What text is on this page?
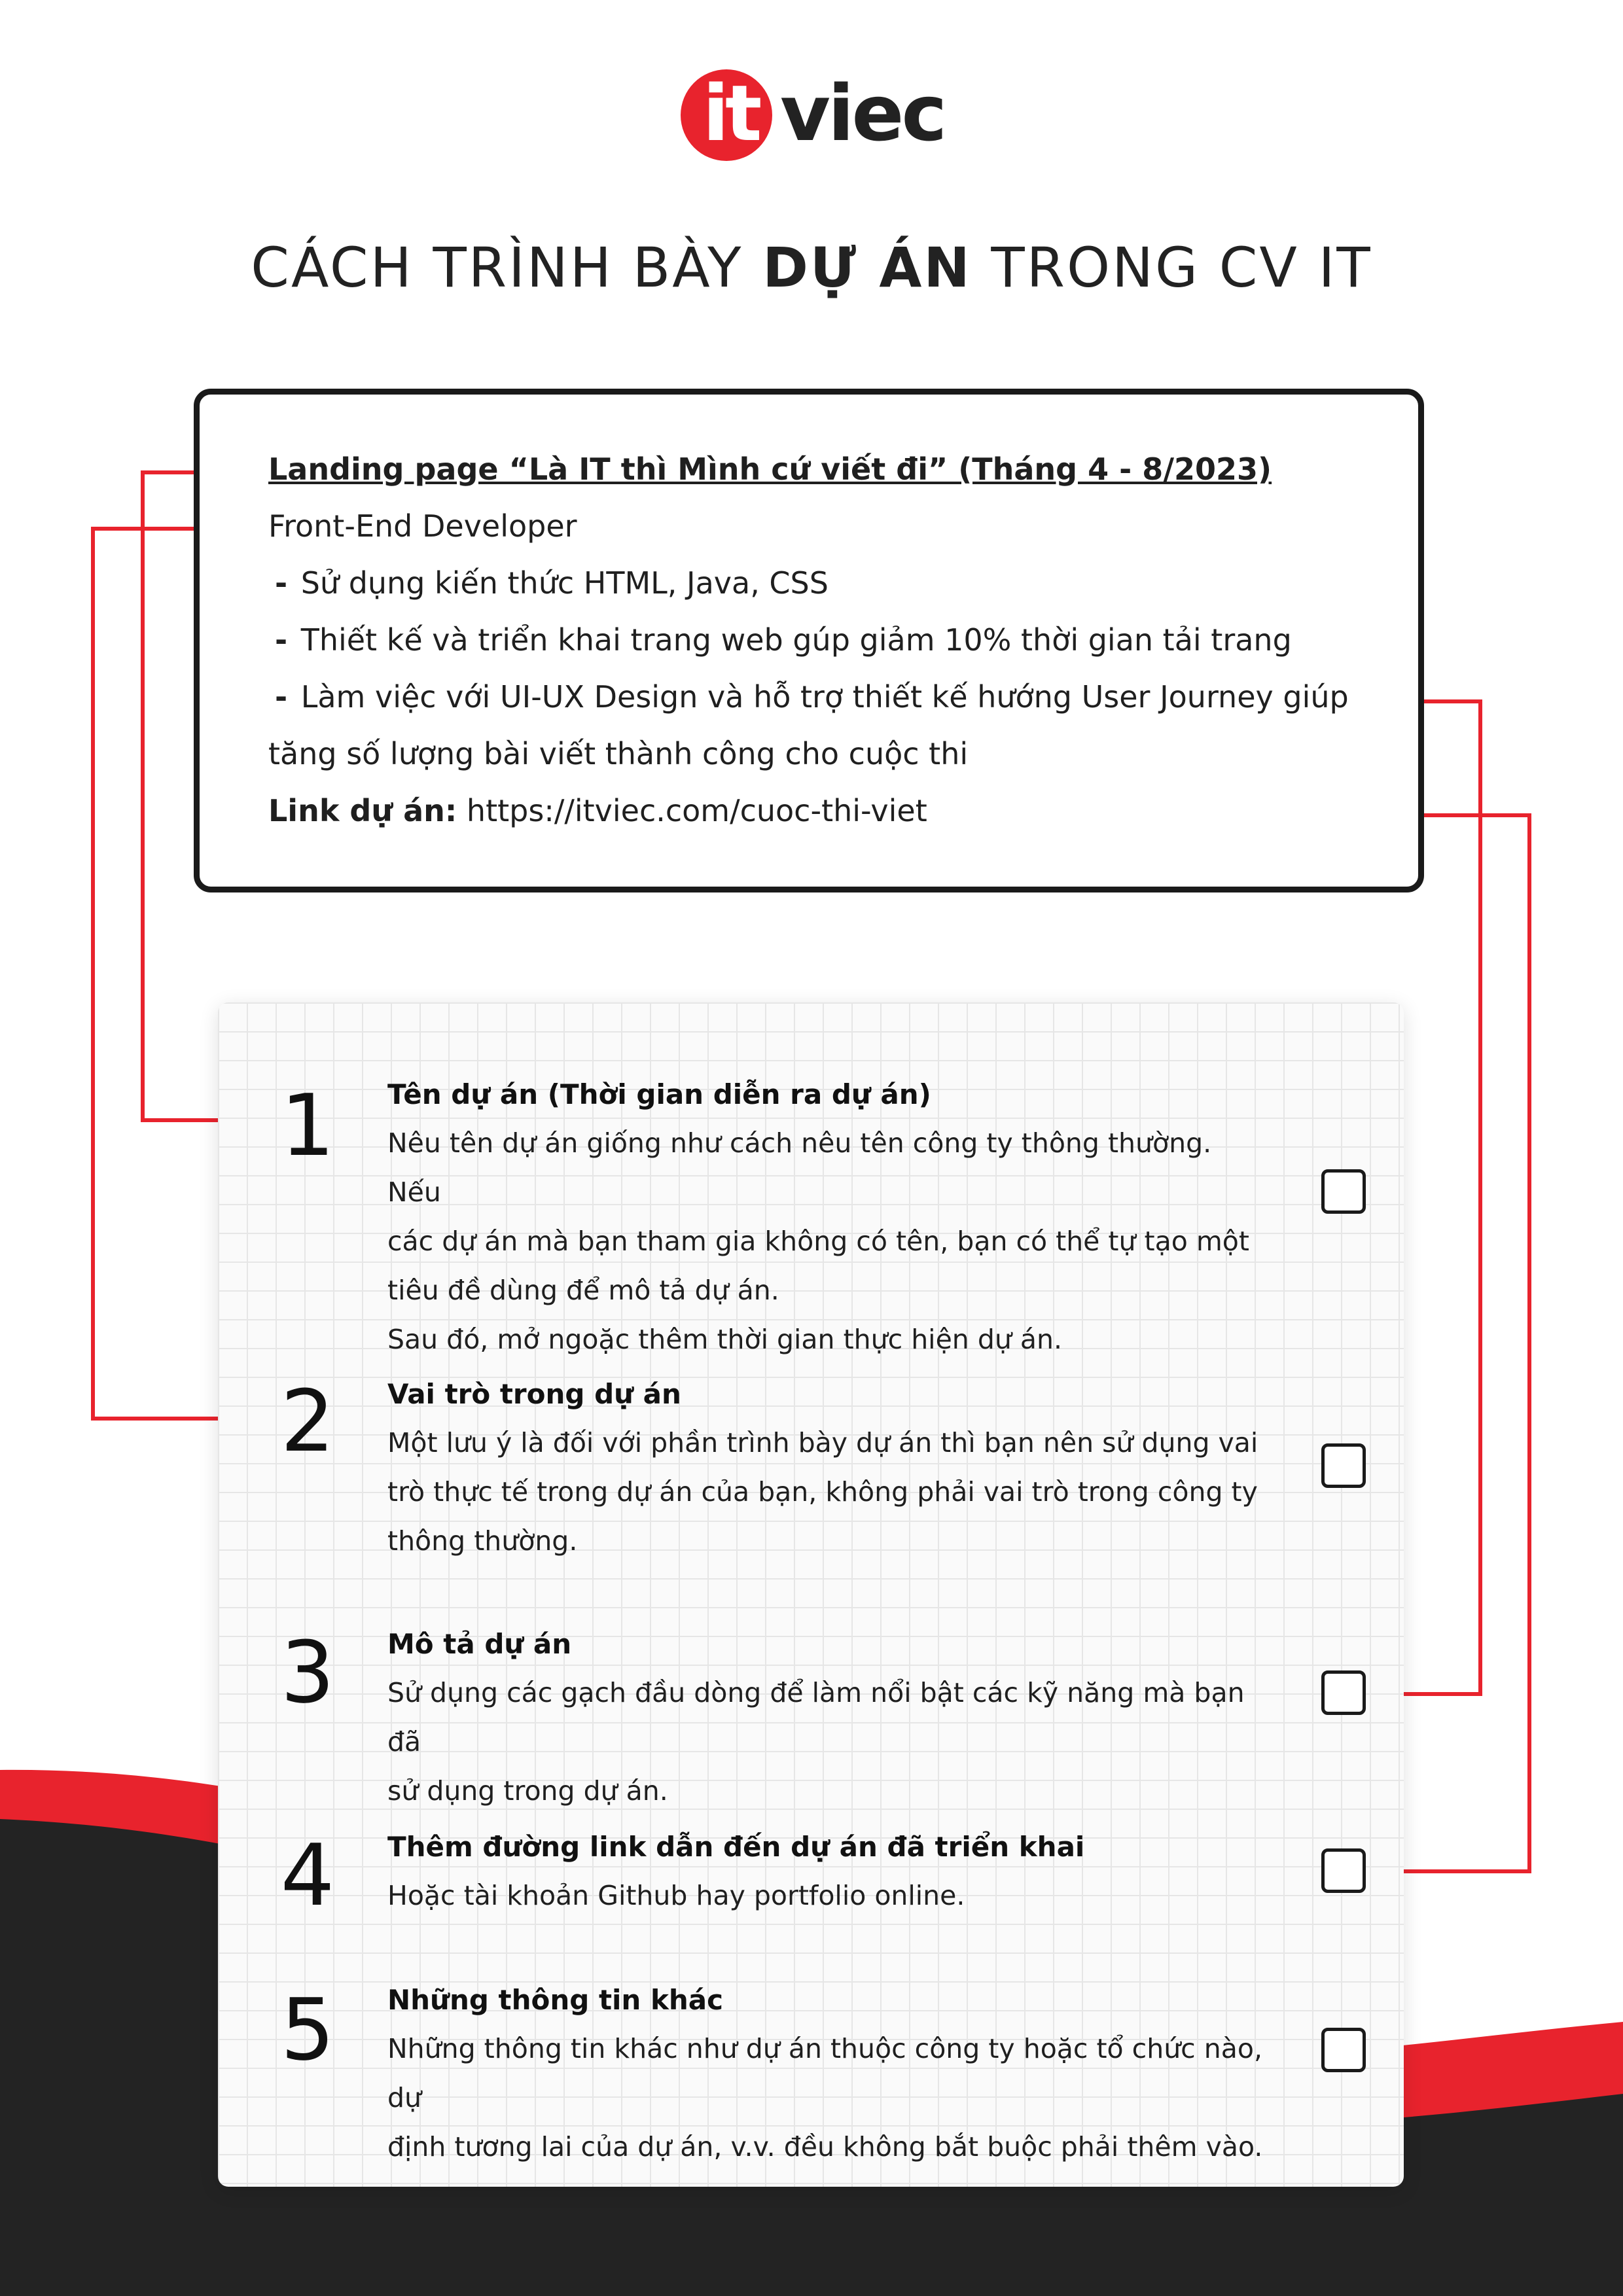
it viec
CÁCH TRÌNH BÀY DỰ ÁN TRONG CV IT
Landing page “Là IT thì Mình cứ viết đi” (Tháng 4 - 8/2023)
Front-End Developer
- Sử dụng kiến thức HTML, Java, CSS
- Thiết kế và triển khai trang web gúp giảm 10% thời gian tải trang
- Làm việc với UI-UX Design và hỗ trợ thiết kế hướng User Journey giúp
tăng số lượng bài viết thành công cho cuộc thi
Link dự án: https://itviec.com/cuoc-thi-viet
1 Tên dự án (Thời gian diễn ra dự án)

Nêu tên dự án giống như cách nêu tên công ty thông thường. Nếu

các dự án mà bạn tham gia không có tên, bạn có thể tự tạo một

tiêu đề dùng để mô tả dự án.

Sau đó, mở ngoặc thêm thời gian thực hiện dự án.

2 Vai trò trong dự án

Một lưu ý là đối với phần trình bày dự án thì bạn nên sử dụng vai

trò thực tế trong dự án của bạn, không phải vai trò trong công ty

thông thường.

3 Mô tả dự án

Sử dụng các gạch đầu dòng để làm nổi bật các kỹ năng mà bạn đã

sử dụng trong dự án.

4 Thêm đường link dẫn đến dự án đã triển khai

Hoặc tài khoản Github hay portfolio online.

5 Những thông tin khác

Những thông tin khác như dự án thuộc công ty hoặc tổ chức nào, dự

định tương lai của dự án, v.v. đều không bắt buộc phải thêm vào.
